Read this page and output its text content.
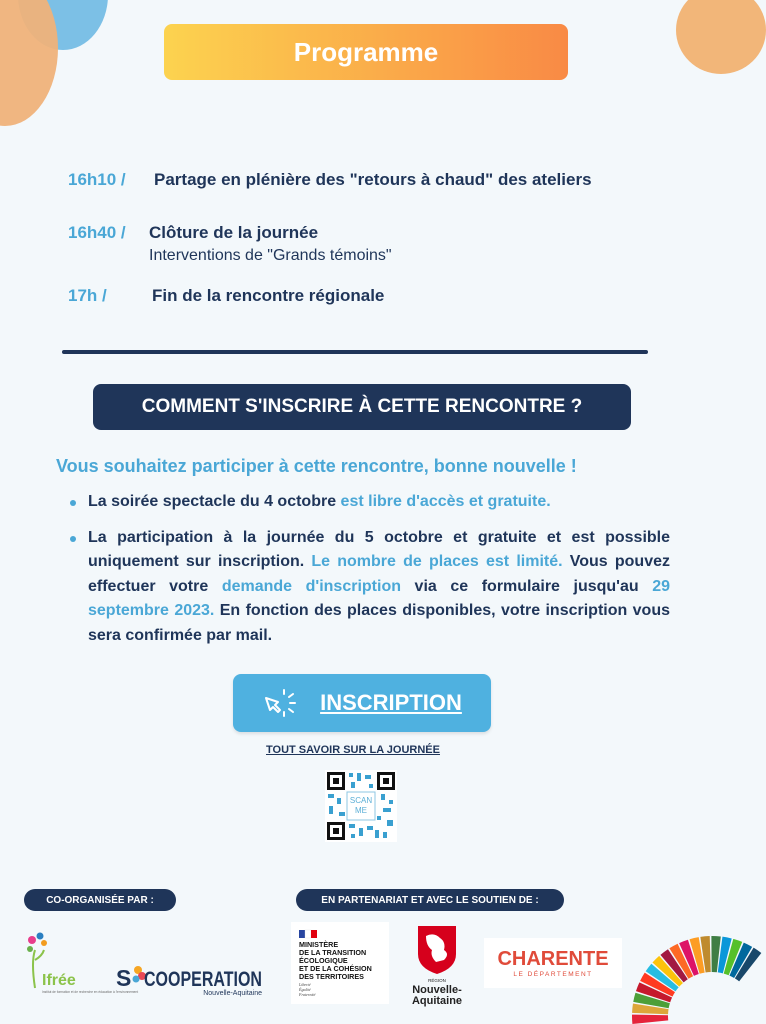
Programme
16h10 / Partage en plénière des "retours à chaud" des ateliers
16h40 / Clôture de la journée
Interventions de "Grands témoins"
17h /	Fin de la rencontre régionale
COMMENT S'INSCRIRE À CETTE RENCONTRE ?
Vous souhaitez participer à cette rencontre, bonne nouvelle !
La soirée spectacle du 4 octobre est libre d'accès et gratuite.
La participation à la journée du 5 octobre et gratuite et est possible uniquement sur inscription. Le nombre de places est limité. Vous pouvez effectuer votre demande d'inscription via ce formulaire jusqu'au 29 septembre 2023. En fonction des places disponibles, votre inscription vous sera confirmée par mail.
INSCRIPTION
TOUT SAVOIR SUR LA JOURNÉE
SCAN
ME
CO-ORGANISÉE PAR :	EN PARTENARIAT ET AVEC LE SOUTIEN DE :
Ifrée
Institut de formation et de recherche en éducation à l'environnement
S COOPERATION
Nouvelle-Aquitaine
MINISTÈRE
DE LA TRANSITION
ÉCOLOGIQUE
ET DE LA COHÉSION
DES TERRITOIRES
Liberté
Égalité
Fraternité
RÉGION
Nouvelle-
Aquitaine
CHARENTE
LE DÉPARTEMENT
